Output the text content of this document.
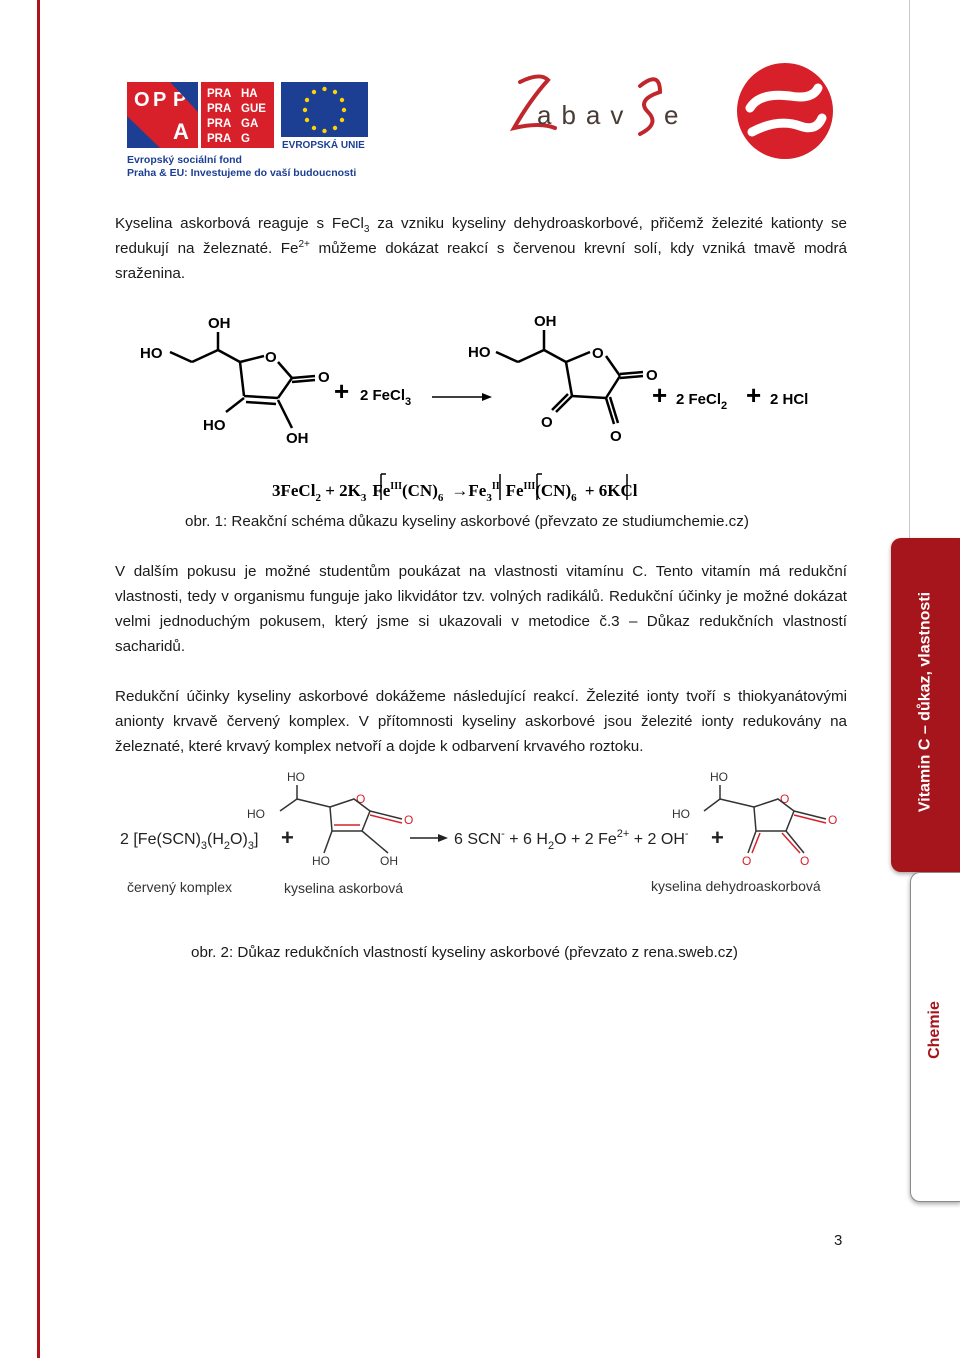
O P P
A
PRA HA
PRA GUE
PRA GA
PRA G
EVROPSKÁ UNIE
Evropský sociální fond
Praha & EU: Investujeme do vaší budoucnosti
abav e

Kyselina askorbová reaguje s FeCl$_3$ za vzniku kyseliny dehydroaskorbové, přičemž železité kationty se redukují na železnaté. $Fe^{2+}$ můžeme dokázat reakcí s červenou krevní solí, kdy vzniká tmavě modrá sraženina.

OH
HO	O
O
HO
OH
+ 2 FeCl$_3$
OH
HO	O
O
O
O
+ 2 FeCl$_2$ + 2 HCl
3FeCl$_2$ + $2K_3$ $Fe^{III}(CN)_6 \to Fe_3^{II}$ $Fe^{III}(CN)_6 + 6KCl$
obr. 1: Reakční schéma důkazu kyseliny askorbové (převzato ze studiumchemie.cz)

V dalším pokusu je možné studentům poukázat na vlastnosti vitamínu C. Tento vitamín má redukční vlastnosti, tedy v organismu funguje jako likvidátor tzv. volných radikálů. Redukční účinky je možné dokázat velmi jednoduchým pokusem, který jsme si ukazovali v metodice č.3 – Důkaz redukčních vlastností sacharidů.

Redukční účinky kyseliny askorbové dokážeme následující reakcí. Železité ionty tvoří s thiokyanátovými anionty krvavě červený komplex. V přítomnosti kyseliny askorbové jsou železité ionty redukovány na železnaté, které krvavý komplex netvoří a dojde k odbarvení krvavého roztoku.

2 $[Fe(SCN)_3(H_2O)_3]$ +	6 SCN- + 6 $H_2O + 2$ $Fe^{2+} + 2$ OH- +
HO
HO
O
O
HO	OH
HO
HO
O
O
O	O
červený komplex	kyselina askorbová	kyselina dehydroaskorbová
obr. 2: Důkaz redukčních vlastností kyseliny askorbové (převzato z rena.sweb.cz)
Vitamin C – důkaz, vlastnosti
Chemie
3
